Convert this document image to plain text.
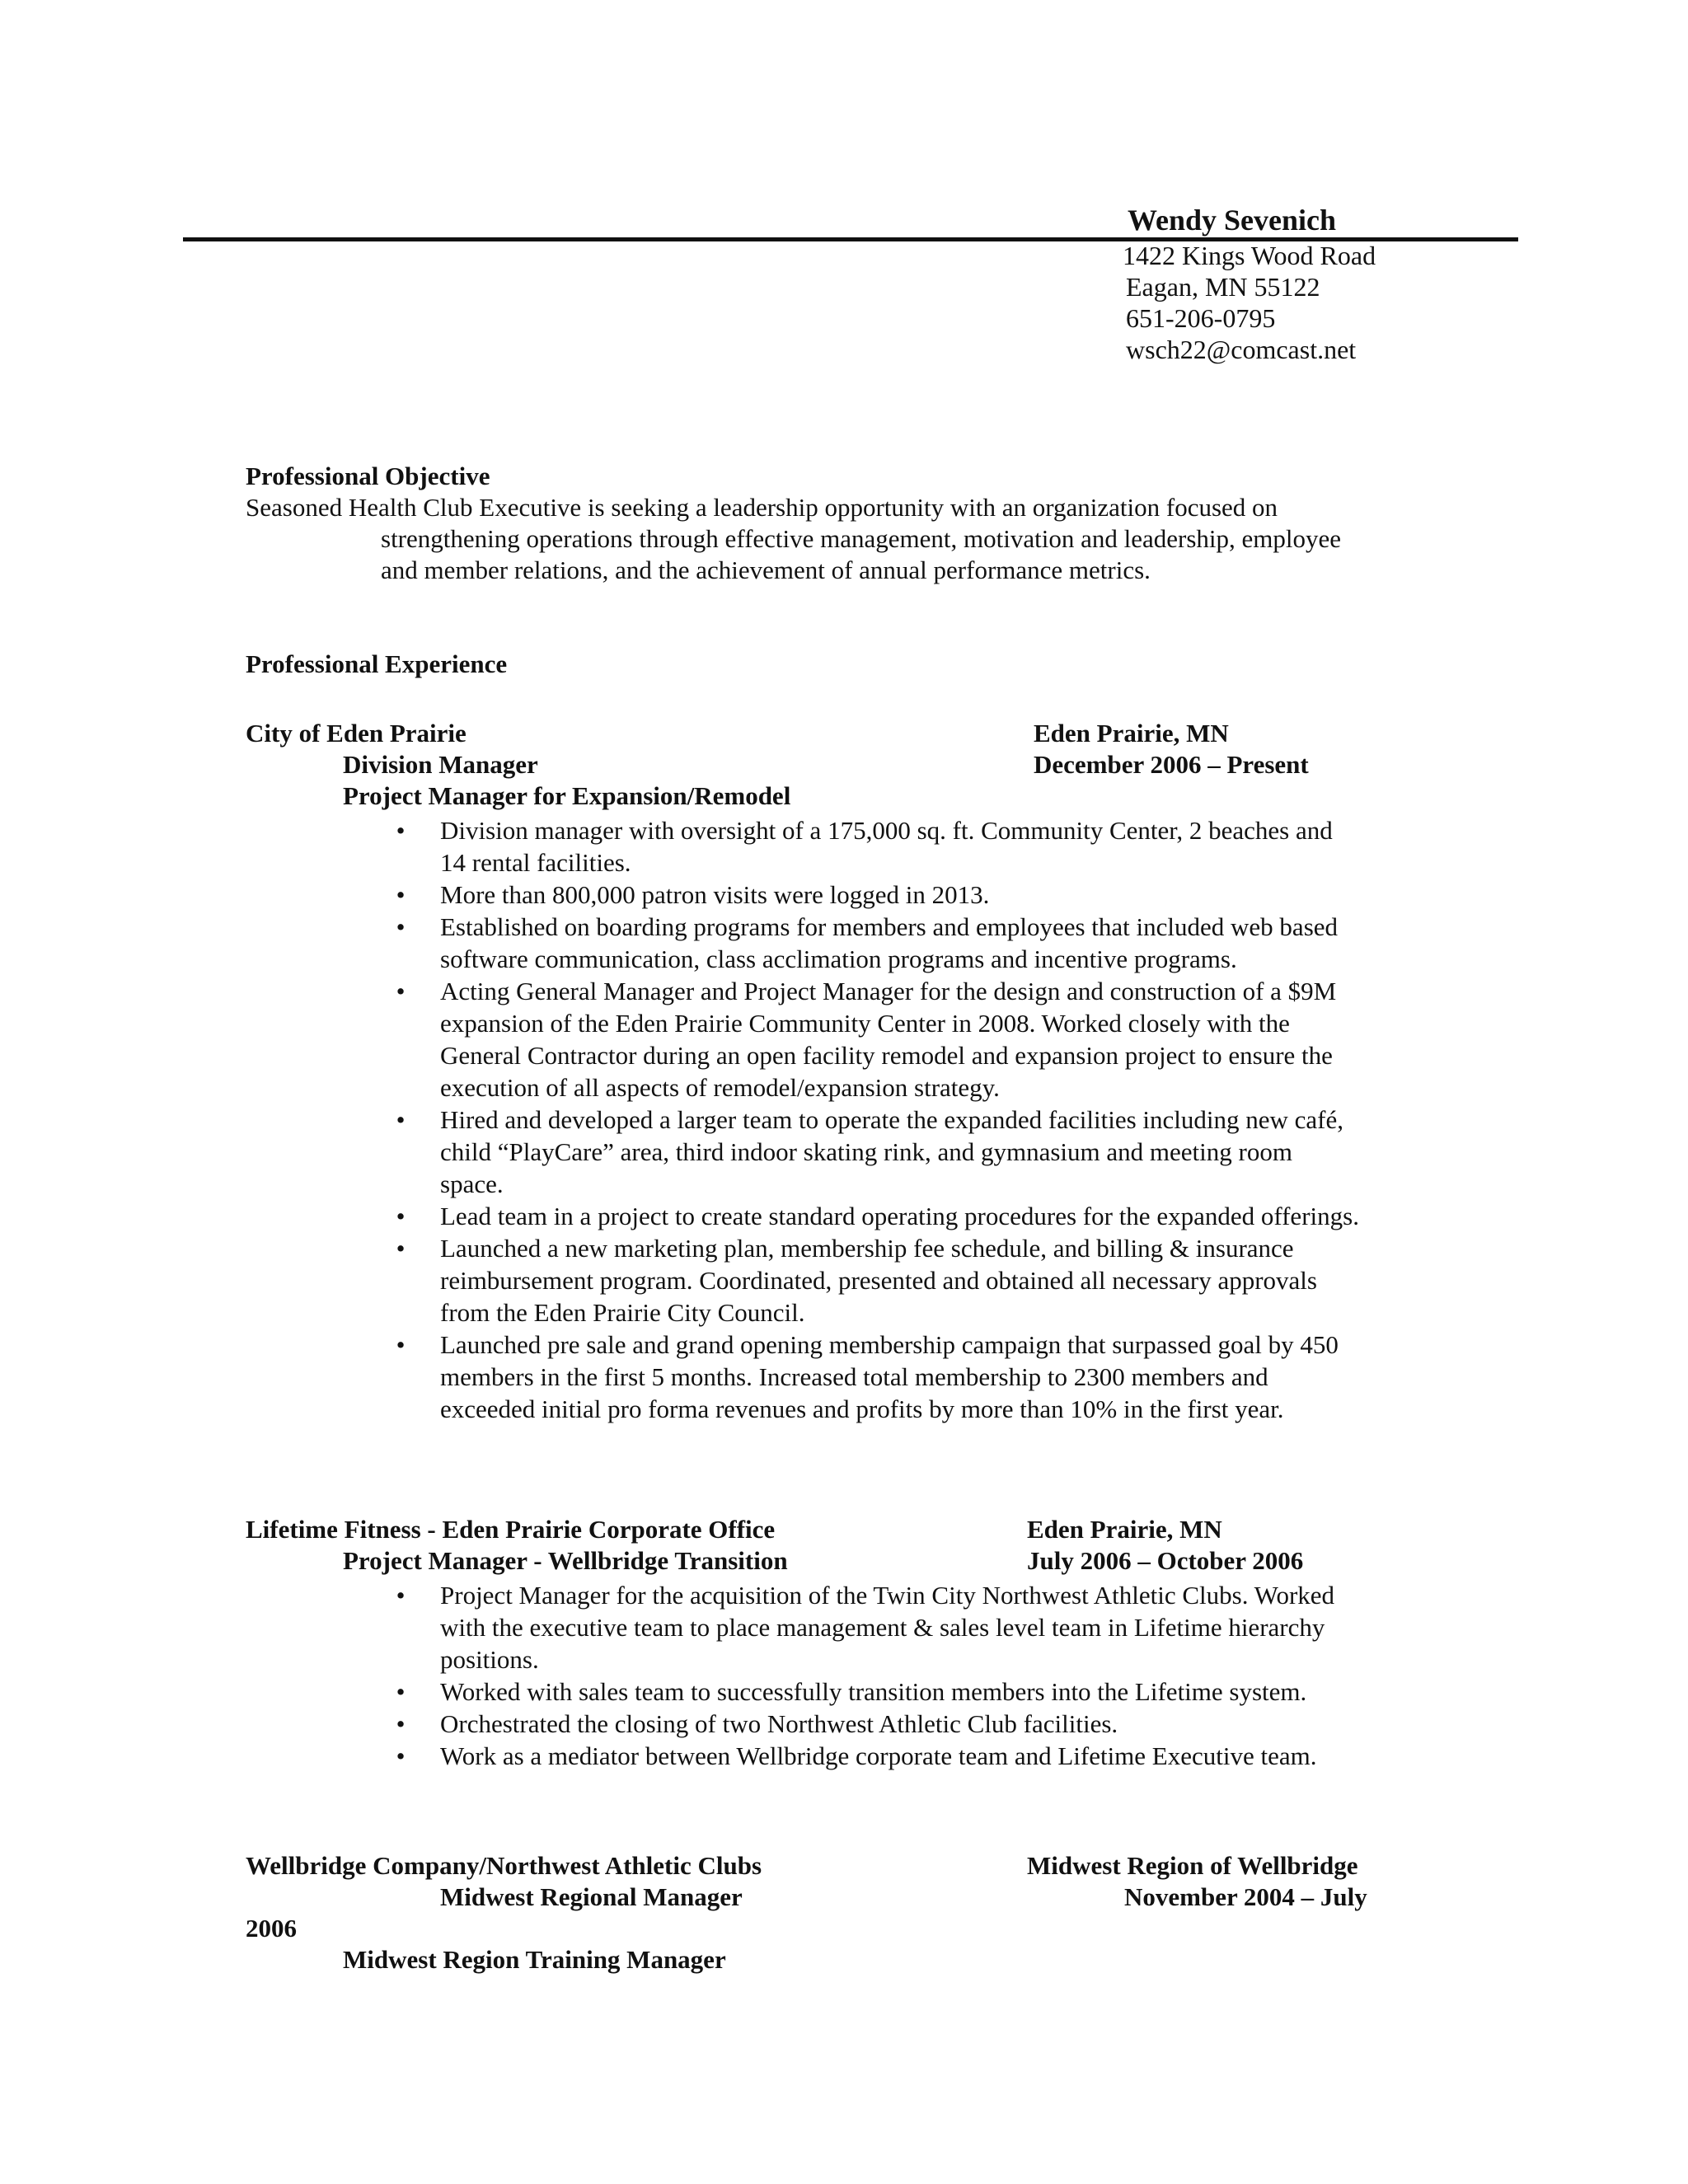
Wendy Sevenich
1422 Kings Wood Road
Eagan, MN 55122
651-206-0795
wsch22@comcast.net
Professional Objective
Seasoned Health Club Executive is seeking a leadership opportunity with an organization focused on
strengthening operations through effective management, motivation and leadership, employee
and member relations, and the achievement of annual performance metrics.
Professional Experience
City of Eden Prairie	Eden Prairie, MN
Division Manager	December 2006 – Present
Project Manager for Expansion/Remodel
• Division manager with oversight of a 175,000 sq. ft. Community Center, 2 beaches and
14 rental facilities.
• More than 800,000 patron visits were logged in 2013.
• Established on boarding programs for members and employees that included web based
software communication, class acclimation programs and incentive programs.
• Acting General Manager and Project Manager for the design and construction of a $9M
expansion of the Eden Prairie Community Center in 2008. Worked closely with the
General Contractor during an open facility remodel and expansion project to ensure the
execution of all aspects of remodel/expansion strategy.
• Hired and developed a larger team to operate the expanded facilities including new café,
child “PlayCare” area, third indoor skating rink, and gymnasium and meeting room
space.
• Lead team in a project to create standard operating procedures for the expanded offerings.
• Launched a new marketing plan, membership fee schedule, and billing & insurance
reimbursement program. Coordinated, presented and obtained all necessary approvals
from the Eden Prairie City Council.
• Launched pre sale and grand opening membership campaign that surpassed goal by 450
members in the first 5 months. Increased total membership to 2300 members and
exceeded initial pro forma revenues and profits by more than 10% in the first year.
Lifetime Fitness - Eden Prairie Corporate Office	Eden Prairie, MN
Project Manager - Wellbridge Transition	July 2006 – October 2006
• Project Manager for the acquisition of the Twin City Northwest Athletic Clubs. Worked
with the executive team to place management & sales level team in Lifetime hierarchy
positions.
• Worked with sales team to successfully transition members into the Lifetime system.
• Orchestrated the closing of two Northwest Athletic Club facilities.
• Work as a mediator between Wellbridge corporate team and Lifetime Executive team.
Wellbridge Company/Northwest Athletic Clubs	Midwest Region of Wellbridge
Midwest Regional Manager	November 2004 – July
2006
Midwest Region Training Manager
